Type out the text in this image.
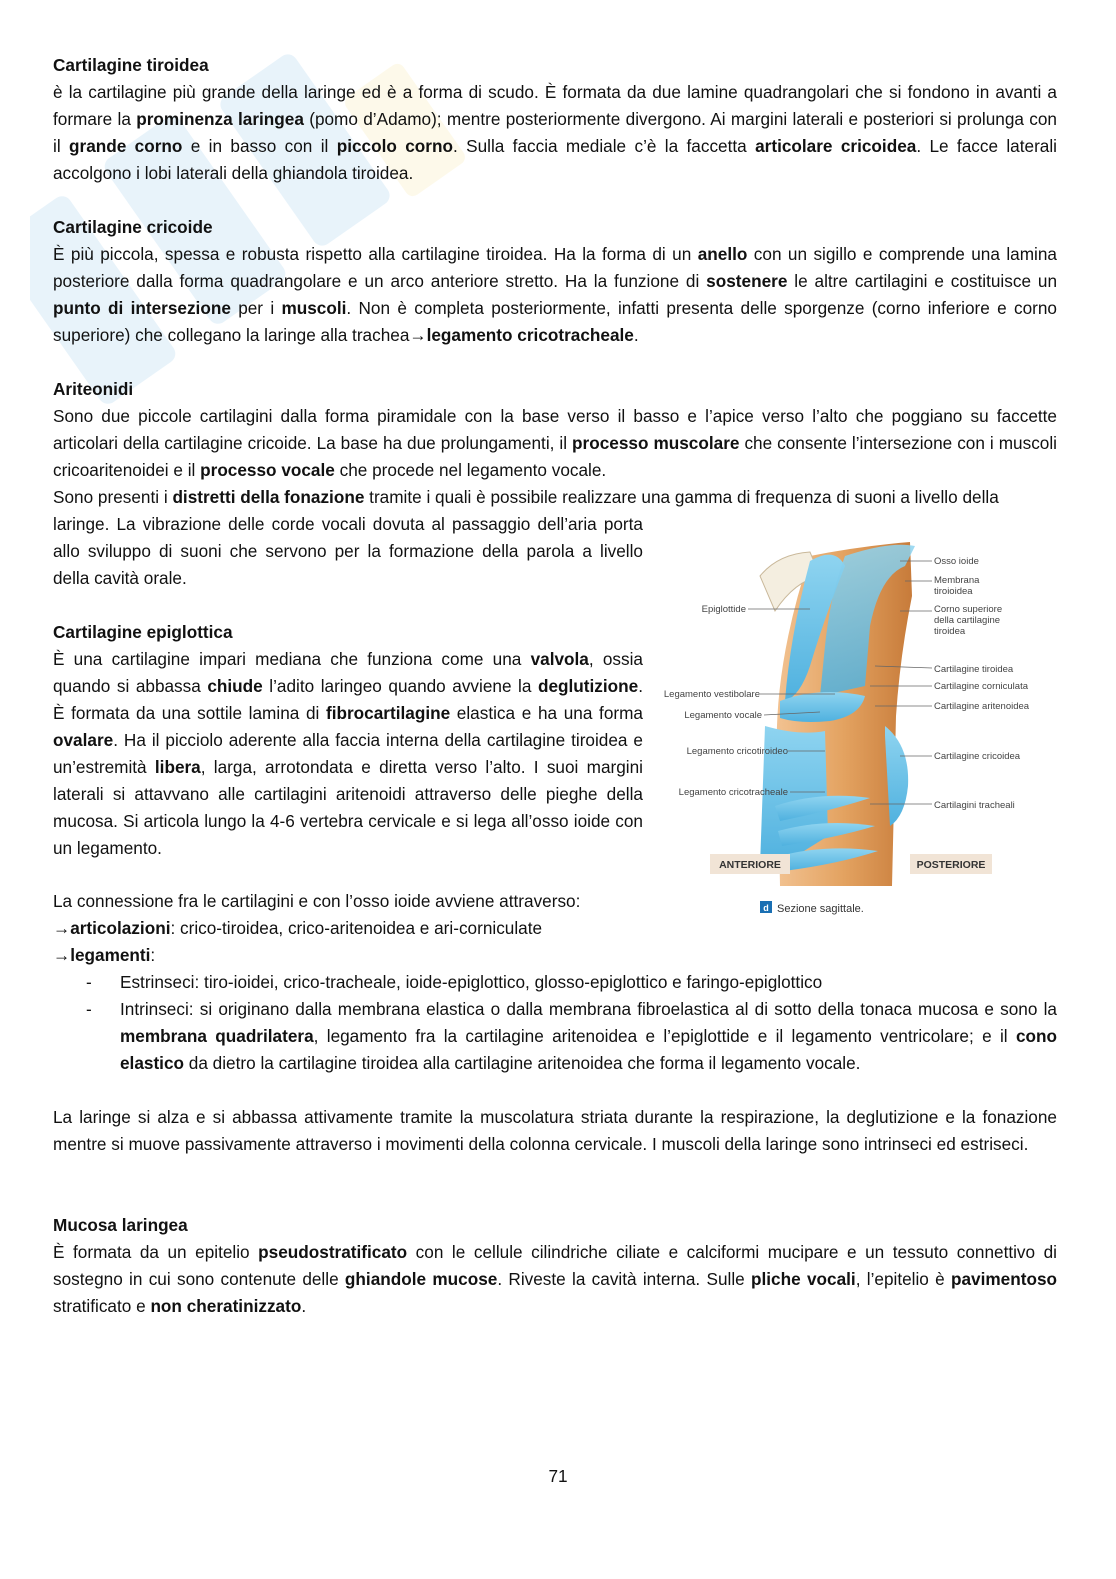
Cartilagine tiroidea

è la cartilagine più grande della laringe ed è a forma di scudo. È formata da due lamine quadrangolari che si fondono in avanti a formare la prominenza laringea (pomo d’Adamo); mentre posteriormente divergono. Ai margini laterali e posteriori si prolunga con il grande corno e in basso con il piccolo corno. Sulla faccia mediale c’è la faccetta articolare cricoidea. Le facce laterali accolgono i lobi laterali della ghiandola tiroidea.

Cartilagine cricoide

È più piccola, spessa e robusta rispetto alla cartilagine tiroidea. Ha la forma di un anello con un sigillo e comprende una lamina posteriore dalla forma quadrangolare e un arco anteriore stretto. Ha la funzione di sostenere le altre cartilagini e costituisce un punto di intersezione per i muscoli. Non è completa posteriormente, infatti presenta delle sporgenze (corno inferiore e corno superiore) che collegano la laringe alla trachea→legamento cricotracheale.

Ariteonidi

Sono due piccole cartilagini dalla forma piramidale con la base verso il basso e l’apice verso l’alto che poggiano su faccette articolari della cartilagine cricoide. La base ha due prolungamenti, il processo muscolare che consente l’intersezione con i muscoli cricoaritenoidei e il processo vocale che procede nel legamento vocale.

Sono presenti i distretti della fonazione tramite i quali è possibile realizzare una gamma di frequenza di suoni a livello della

laringe. La vibrazione delle corde vocali dovuta al passaggio dell’aria porta allo sviluppo di suoni che servono per la formazione della parola a livello della cavità orale.

Cartilagine epiglottica

È una cartilagine impari mediana che funziona come una valvola, ossia quando si abbassa chiude l’adito laringeo quando avviene la deglutizione. È formata da una sottile lamina di fibrocartilagine elastica e ha una forma ovalare. Ha il picciolo aderente alla faccia interna della cartilagine tiroidea e un’estremità libera, larga, arrotondata e diretta verso l’alto. I suoi margini laterali si attavvano alle cartilagini aritenoidi attraverso delle pieghe della mucosa. Si articola lungo la 4-6 vertebra cervicale e si lega all’osso ioide con un legamento.

La connessione fra le cartilagini e con l’osso ioide avviene attraverso:

→articolazioni: crico-tiroidea, crico-aritenoidea e ari-corniculate

→legamenti:

- Estrinseci: tiro-ioidei, crico-tracheale, ioide-epiglottico, glosso-epiglottico e faringo-epiglottico
- Intrinseci: si originano dalla membrana elastica o dalla membrana fibroelastica al di sotto della tonaca mucosa e sono la membrana quadrilatera, legamento fra la cartilagine aritenoidea e l’epiglottide e il legamento ventricolare; e il cono elastico da dietro la cartilagine tiroidea alla cartilagine aritenoidea che forma il legamento vocale.

La laringe si alza e si abbassa attivamente tramite la muscolatura striata durante la respirazione, la deglutizione e la fonazione mentre si muove passivamente attraverso i movimenti della colonna cervicale. I muscoli della laringe sono intrinseci ed estriseci.

Mucosa laringea

È formata da un epitelio pseudostratificato con le cellule cilindriche ciliate e calciformi mucipare e un tessuto connettivo di sostegno in cui sono contenute delle ghiandole mucose. Riveste la cavità interna. Sulle pliche vocali, l’epitelio è pavimentoso stratificato e non cheratinizzato.

Epiglottide
Legamento vestibolare
Legamento vocale
Legamento cricotiroideo
Legamento cricotracheale
Osso ioide
Membrana
tiroioidea
Corno superiore
della cartilagine
tiroidea
Cartilagine tiroidea
Cartilagine corniculata
Cartilagine aritenoidea
Cartilagine cricoidea
Cartilagini tracheali
ANTERIORE	POSTERIORE
d Sezione sagittale.
71
